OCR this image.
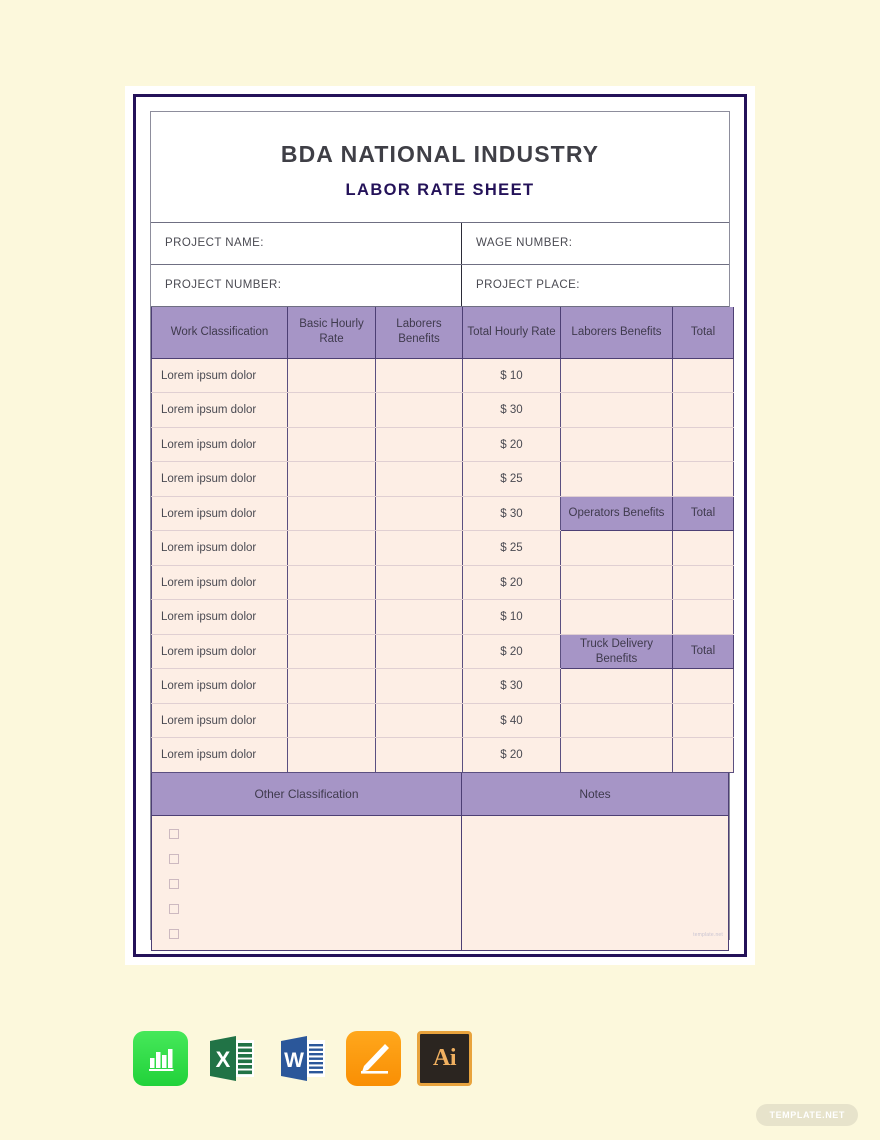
BDA NATIONAL INDUSTRY
LABOR RATE SHEET
PROJECT NAME:	WAGE NUMBER:
PROJECT NUMBER:	PROJECT PLACE:
Work Classification	Basic Hourly Rate	Laborers Benefits	Total Hourly Rate	Laborers Benefits	Total
Lorem ipsum dolor			$ 10		
Lorem ipsum dolor			$ 30		
Lorem ipsum dolor			$ 20		
Lorem ipsum dolor			$ 25		
Lorem ipsum dolor			$ 30	Operators Benefits	Total
Lorem ipsum dolor			$ 25		
Lorem ipsum dolor			$ 20		
Lorem ipsum dolor			$ 10		
Lorem ipsum dolor			$ 20	Truck Delivery Benefits	Total
Lorem ipsum dolor			$ 30		
Lorem ipsum dolor			$ 40		
Lorem ipsum dolor			$ 20		
Other Classification	Notes
template.net
X	W	Ai
TEMPLATE.NET
